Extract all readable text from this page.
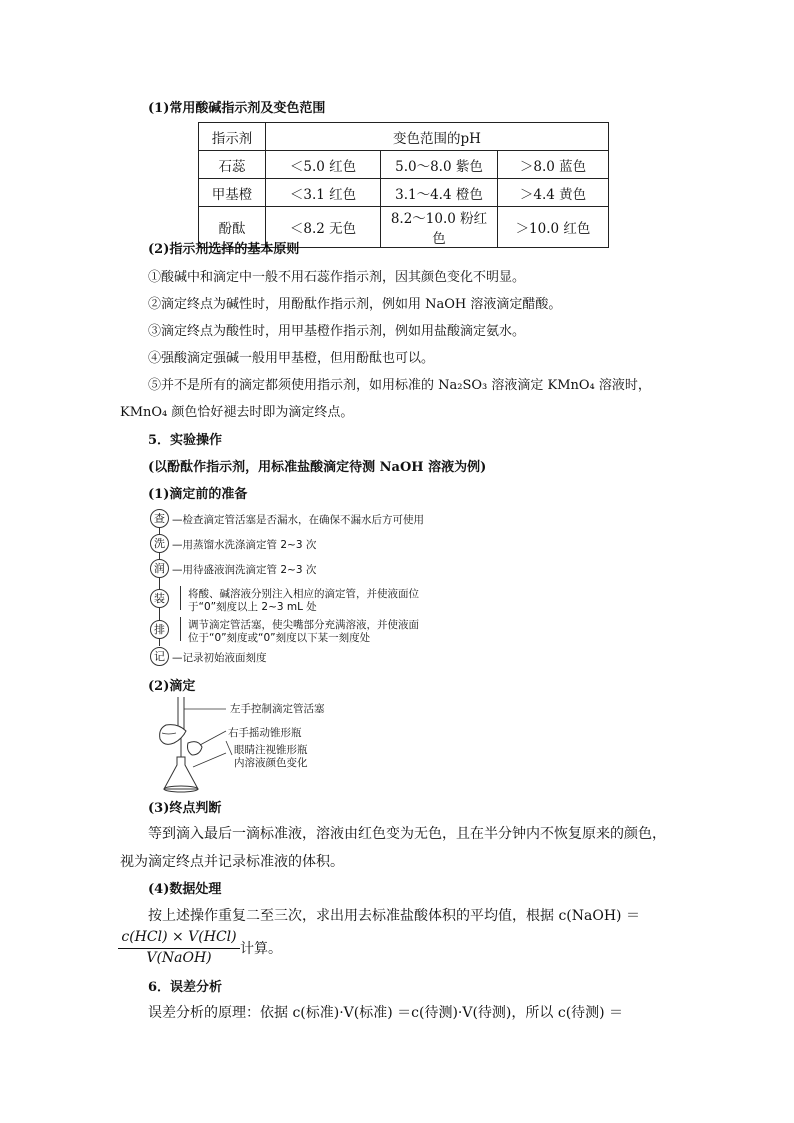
(1)常用酸碱指示剂及变色范围
指示剂	变色范围的pH		
石蕊	＜5.0 红色	5.0～8.0 紫色	＞8.0 蓝色
甲基橙	＜3.1 红色	3.1～4.4 橙色	＞4.4 黄色
酚酞	＜8.2 无色	8.2～10.0 粉红色	＞10.0 红色
(2)指示剂选择的基本原则
①酸碱中和滴定中一般不用石蕊作指示剂，因其颜色变化不明显。
②滴定终点为碱性时，用酚酞作指示剂，例如用 NaOH 溶液滴定醋酸。
③滴定终点为酸性时，用甲基橙作指示剂，例如用盐酸滴定氨水。
④强酸滴定强碱一般用甲基橙，但用酚酞也可以。
⑤并不是所有的滴定都须使用指示剂，如用标准的 Na₂SO₃ 溶液滴定 KMnO₄ 溶液时，
KMnO₄ 颜色恰好褪去时即为滴定终点。
5．实验操作
(以酚酞作指示剂，用标准盐酸滴定待测 NaOH 溶液为例)
(1)滴定前的准备
查 —检查滴定管活塞是否漏水，在确保不漏水后方可使用
洗 —用蒸馏水洗涤滴定管 2~3 次
润 —用待盛液润洗滴定管 2~3 次
装	将酸、碱溶液分别注入相应的滴定管，并使液面位
于“0”刻度以上 2~3 mL 处
排	调节滴定管活塞，使尖嘴部分充满溶液，并使液面
位于“0”刻度或“0”刻度以下某一刻度处
记 —记录初始液面刻度
(2)滴定
左手控制滴定管活塞
右手摇动锥形瓶
眼睛注视锥形瓶
内溶液颜色变化
(3)终点判断
等到滴入最后一滴标准液，溶液由红色变为无色，且在半分钟内不恢复原来的颜色，
视为滴定终点并记录标准液的体积。
(4)数据处理
按上述操作重复二至三次，求出用去标准盐酸体积的平均值，根据 c(NaOH) ＝
c(HCl) × V(HCl)
V(NaOH)
计算。
6．误差分析
误差分析的原理：依据 c(标准)·V(标准) ＝c(待测)·V(待测)，所以 c(待测) ＝
